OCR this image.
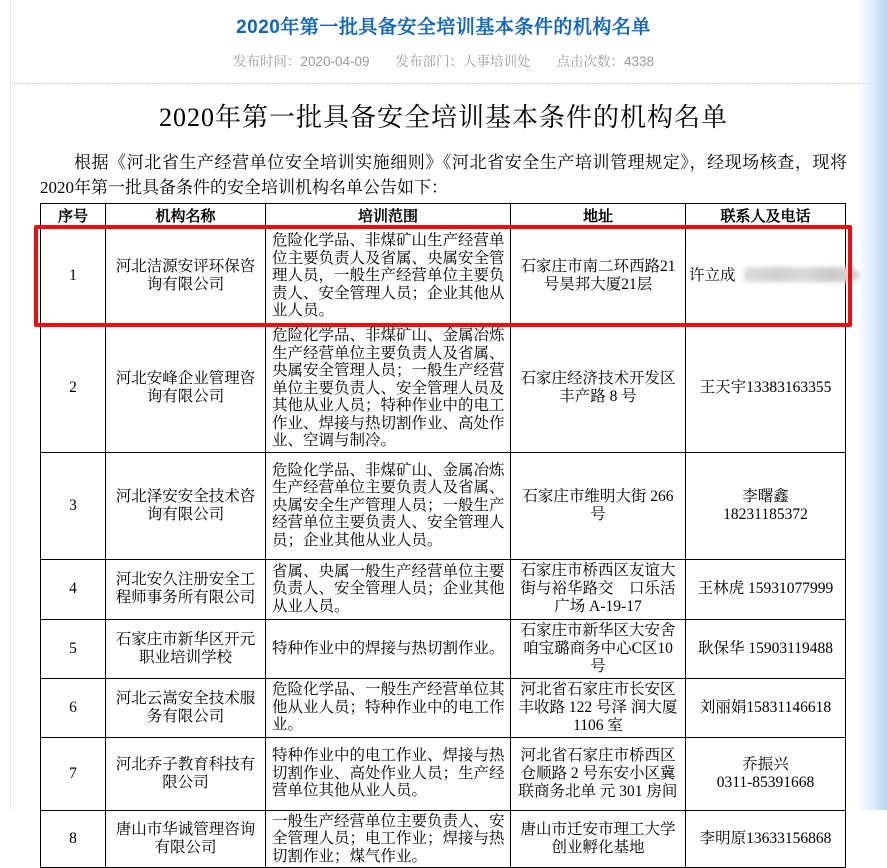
2020年第一批具备安全培训基本条件的机构名单
发布时间：2020-04-09 发布部门：人事培训处 点击次数：4338
2020年第一批具备安全培训基本条件的机构名单

根据《河北省生产经营单位安全培训实施细则》《河北省安全生产培训管理规定》，经现场核查，现将2020年第一批具备条件的安全培训机构名单公告如下：

序号	机构名称	培训范围	地址	联系人及电话
1	河北洁源安评环保咨询有限公司	危险化学品、非煤矿山生产经营单位主要负责人及省属、央属安全管理人员，一般生产经营单位主要负责人、安全管理人员；企业其他从业人员。	石家庄市南二环西路21号昊邦大厦21层	许立成

2	河北安峰企业管理咨询有限公司	危险化学品、非煤矿山、金属冶炼生产经营单位主要负责人及省属、央属安全管理人员；一般生产经营单位主要负责人、安全管理人员及其他从业人员；特种作业中的电工作业、焊接与热切割作业、高处作业、空调与制冷。	石家庄经济技术开发区丰产路 8 号	王天宇13383163355

3	河北泽安安全技术咨询有限公司	危险化学品、非煤矿山、金属冶炼生产经营单位主要负责人及省属、央属安全生产管理人员；一般生产经营单位主要负责人、安全管理人员；企业其他从业人员。	石家庄市维明大街 266 号	李曙鑫
18231185372

4	河北安久注册安全工程师事务所有限公司	省属、央属一般生产经营单位主要负责人、安全管理人员；企业其他从业人员。	石家庄市桥西区友谊大街与裕华路交　口乐活广场 A-19-17	王林虎 15931077999

5	石家庄市新华区开元职业培训学校	特种作业中的焊接与热切割作业。	石家庄市新华区大安舍咱宝璐商务中心C区10号	耿保华 15903119488

6	河北云嵩安全技术服务有限公司	危险化学品、一般生产经营单位其他从业人员；特种作业中的电工作业。	河北省石家庄市长安区丰收路 122 号泽 润大厦 1106 室	刘丽娟15831146618

7	河北乔子教育科技有限公司	特种作业中的电工作业、焊接与热切割作业、高处作业人员；生产经营单位其他从业人员。	河北省石家庄市桥西区仓顺路 2 号东安小区冀联商务北单 元 301 房间	乔振兴
0311-85391668

8	唐山市华诚管理咨询有限公司	一般生产经营单位主要负责人、安全管理人员；电工作业；焊接与热切割作业；煤气作业。	唐山市迁安市理工大学创业孵化基地	李明原13633156868
